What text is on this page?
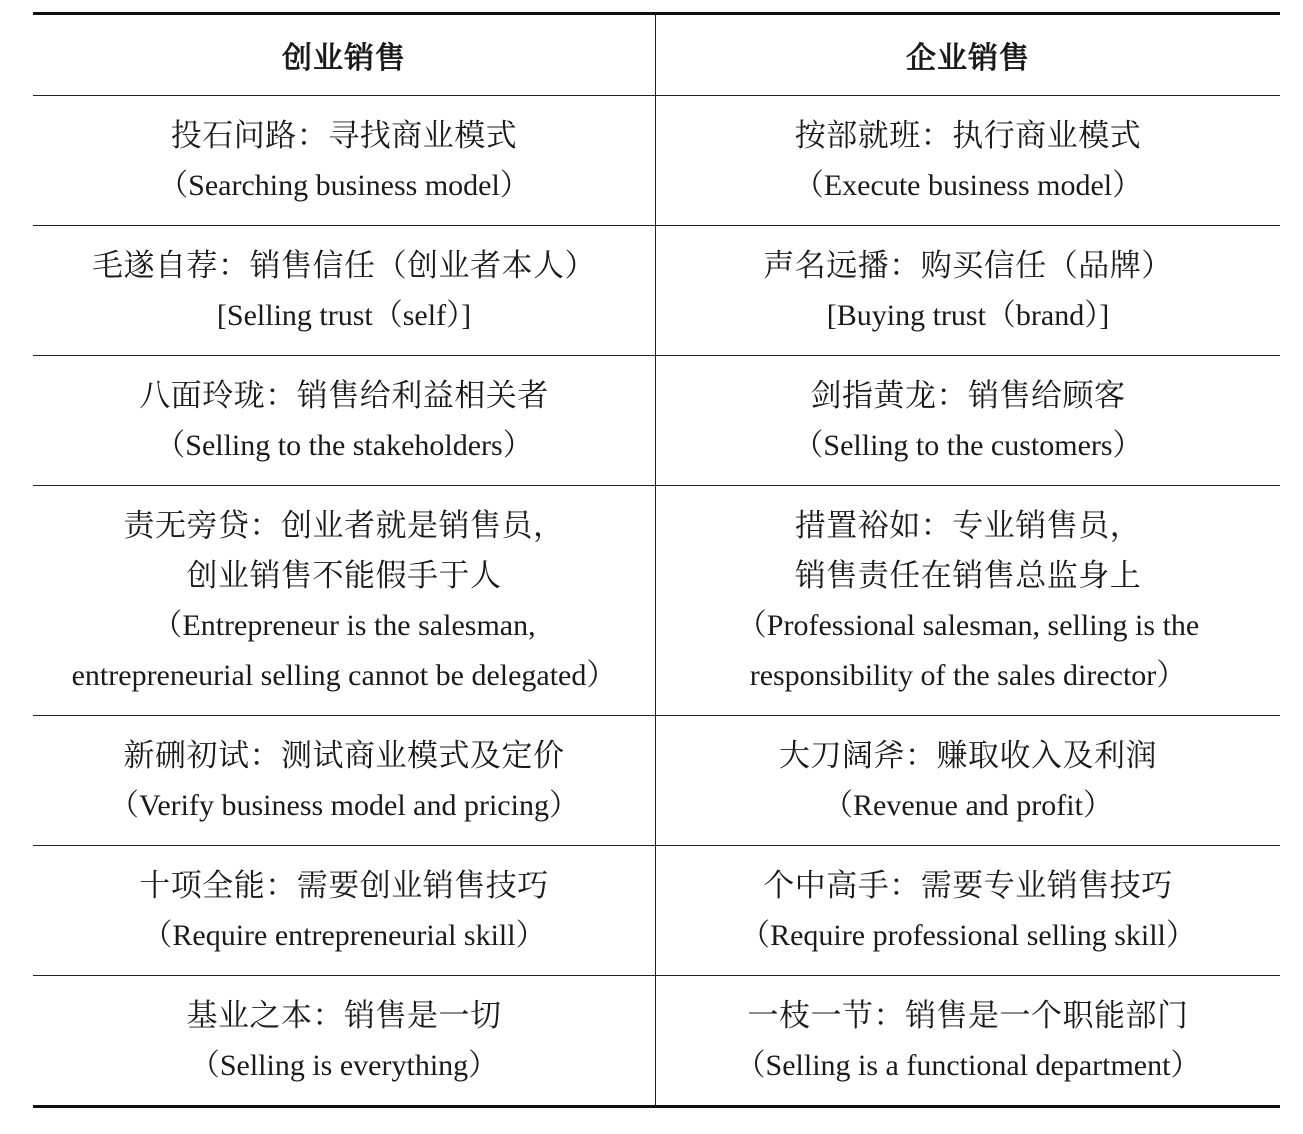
创业销售	企业销售
投石问路：寻找商业模式
（Searching business model）
按部就班：执行商业模式
（Execute business model）
毛遂自荐：销售信任（创业者本人）
[Selling trust（self）]
声名远播：购买信任（品牌）
[Buying trust（brand）]
八面玲珑：销售给利益相关者
（Selling to the stakeholders）
剑指黄龙：销售给顾客
（Selling to the customers）
责无旁贷：创业者就是销售员，
创业销售不能假手于人
（Entrepreneur is the salesman,
entrepreneurial selling cannot be delegated）
措置裕如：专业销售员，
销售责任在销售总监身上
（Professional salesman, selling is the
responsibility of the sales director）
新硎初试：测试商业模式及定价
（Verify business model and pricing）
大刀阔斧：赚取收入及利润
（Revenue and profit）
十项全能：需要创业销售技巧
（Require entrepreneurial skill）
个中高手：需要专业销售技巧
（Require professional selling skill）
基业之本：销售是一切
（Selling is everything）
一枝一节：销售是一个职能部门
（Selling is a functional department）
